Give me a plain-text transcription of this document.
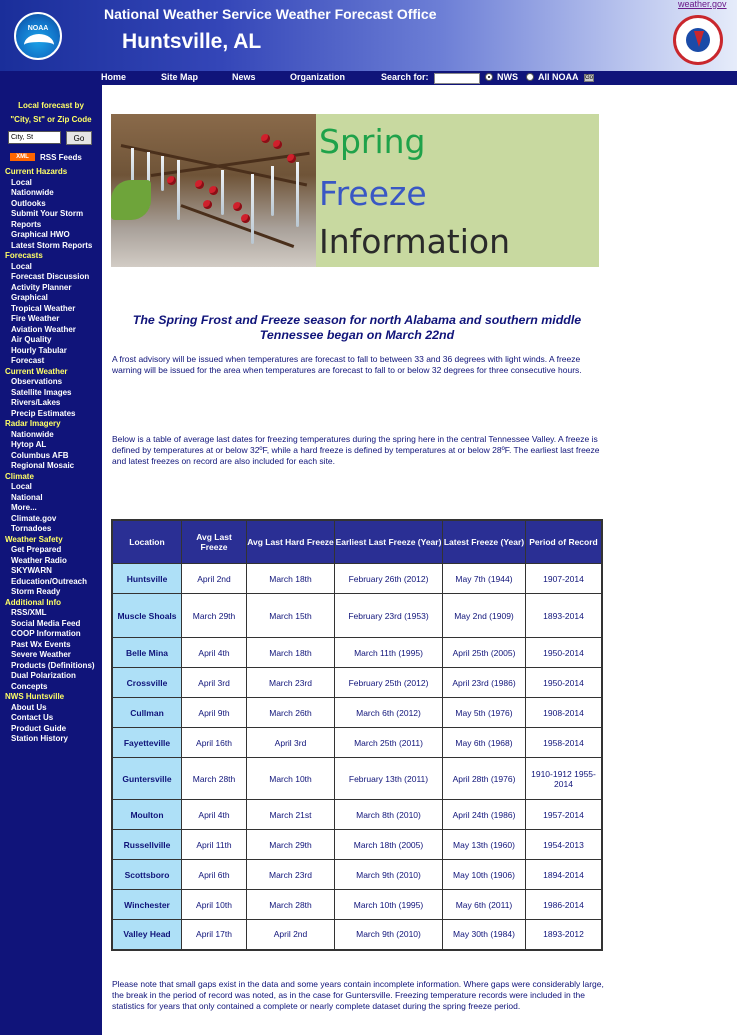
NOAA
National Weather Service Weather Forecast Office
Huntsville, AL
weather.gov
Home	Site Map	News	Organization	Search for:	NWS All NOAA Go
Local forecast by
"City, St" or Zip Code
City, St
Go
XML	RSS Feeds
Current Hazards
Local
Nationwide
Outlooks
Submit Your Storm
Reports
Graphical HWO
Latest Storm Reports
Forecasts
Local
Forecast Discussion
Activity Planner
Graphical
Tropical Weather
Fire Weather
Aviation Weather
Air Quality
Hourly Tabular
Forecast
Current Weather
Observations
Satellite Images
Rivers/Lakes
Precip Estimates
Radar Imagery
Nationwide
Hytop AL
Columbus AFB
Regional Mosaic
Climate
Local
National
More...
Climate.gov
Tornadoes
Weather Safety
Get Prepared
Weather Radio
SKYWARN
Education/Outreach
Storm Ready
Additional Info
RSS/XML
Social Media Feed
COOP Information
Past Wx Events
Severe Weather
Products (Definitions)
Dual Polarization
Concepts
NWS Huntsville
About Us
Contact Us
Product Guide
Station History
Spring
Freeze
Information
The Spring Frost and Freeze season for north Alabama and southern middle Tennessee began on March 22nd
A frost advisory will be issued when temperatures are forecast to fall to between 33 and 36 degrees with light winds. A freeze warning will be issued for the area when temperatures are forecast to fall to or below 32 degrees for three consecutive hours.
Below is a table of average last dates for freezing temperatures during the spring here in the central Tennessee Valley. A freeze is defined by temperatures at or below 32ºF, while a hard freeze is defined by temperatures at or below 28ºF. The earliest last freeze and latest freezes on record are also included for each site.
Location	Avg Last Freeze	Avg Last Hard Freeze	Earliest Last Freeze (Year)	Latest Freeze (Year)	Period of Record
Huntsville	April 2nd	March 18th	February 26th (2012)	May 7th (1944)	1907-2014
Muscle Shoals	March 29th	March 15th	February 23rd (1953)	May 2nd (1909)	1893-2014
Belle Mina	April 4th	March 18th	March 11th (1995)	April 25th (2005)	1950-2014
Crossville	April 3rd	March 23rd	February 25th (2012)	April 23rd (1986)	1950-2014
Cullman	April 9th	March 26th	March 6th (2012)	May 5th (1976)	1908-2014
Fayetteville	April 16th	April 3rd	March 25th (2011)	May 6th (1968)	1958-2014
Guntersville	March 28th	March 10th	February 13th (2011)	April 28th (1976)	1910-1912 1955-2014
Moulton	April 4th	March 21st	March 8th (2010)	April 24th (1986)	1957-2014
Russellville	April 11th	March 29th	March 18th (2005)	May 13th (1960)	1954-2013
Scottsboro	April 6th	March 23rd	March 9th (2010)	May 10th (1906)	1894-2014
Winchester	April 10th	March 28th	March 10th (1995)	May 6th (2011)	1986-2014
Valley Head	April 17th	April 2nd	March 9th (2010)	May 30th (1984)	1893-2012
Please note that small gaps exist in the data and some years contain incomplete information. Where gaps were considerably large, the break in the period of record was noted, as in the case for Guntersville. Freezing temperature records were included in the statistics for years that only contained a complete or nearly complete dataset during the spring freeze period.
